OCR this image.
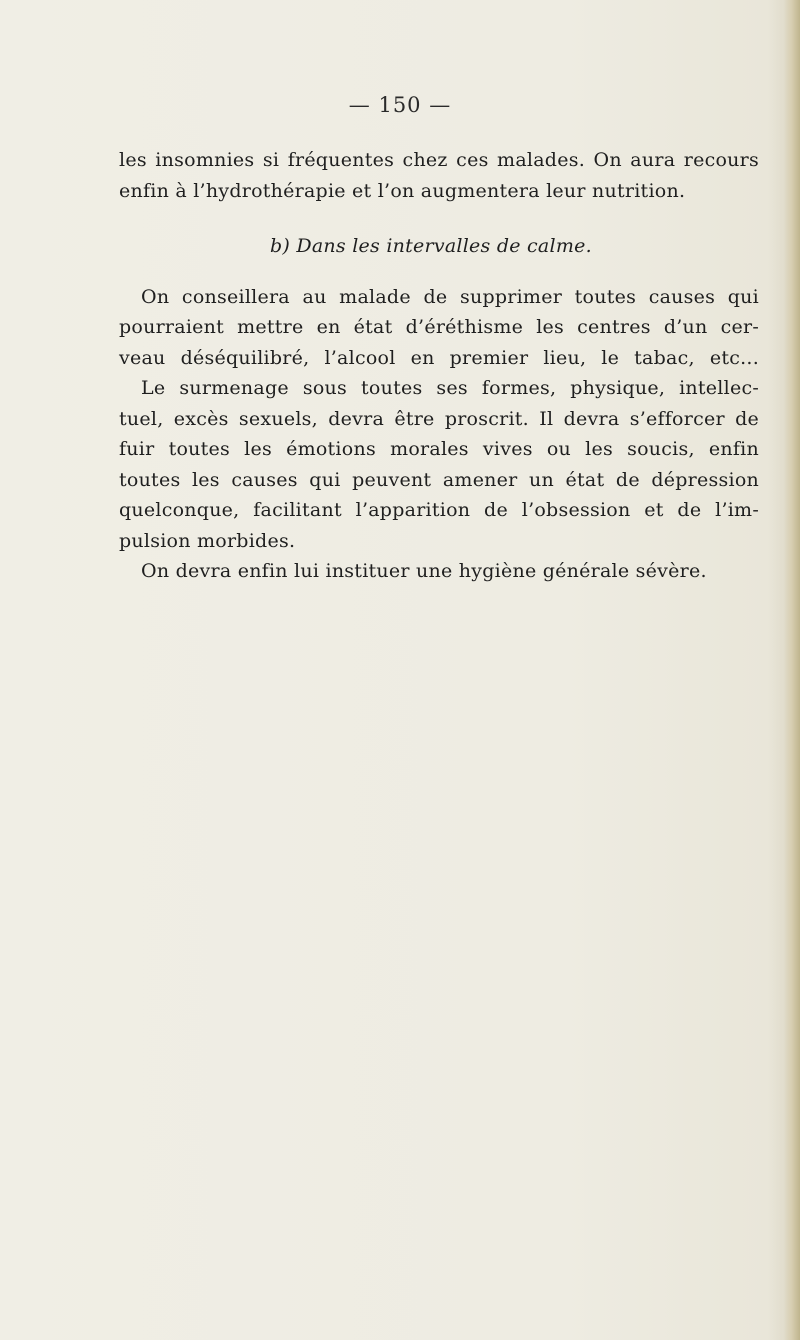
— 150 —
les insomnies si fréquentes chez ces malades. On aura recours
enfin à l’hydrothérapie et l’on augmentera leur nutrition.
b) Dans les intervalles de calme.
On conseillera au malade de supprimer toutes causes qui
pourraient mettre en état d’éréthisme les centres d’un cer-
veau déséquilibré, l’alcool en premier lieu, le tabac, etc...
Le surmenage sous toutes ses formes, physique, intellec-
tuel, excès sexuels, devra être proscrit. Il devra s’efforcer de
fuir toutes les émotions morales vives ou les soucis, enfin
toutes les causes qui peuvent amener un état de dépression
quelconque, facilitant l’apparition de l’obsession et de l’im-
pulsion morbides.
On devra enfin lui instituer une hygiène générale sévère.
